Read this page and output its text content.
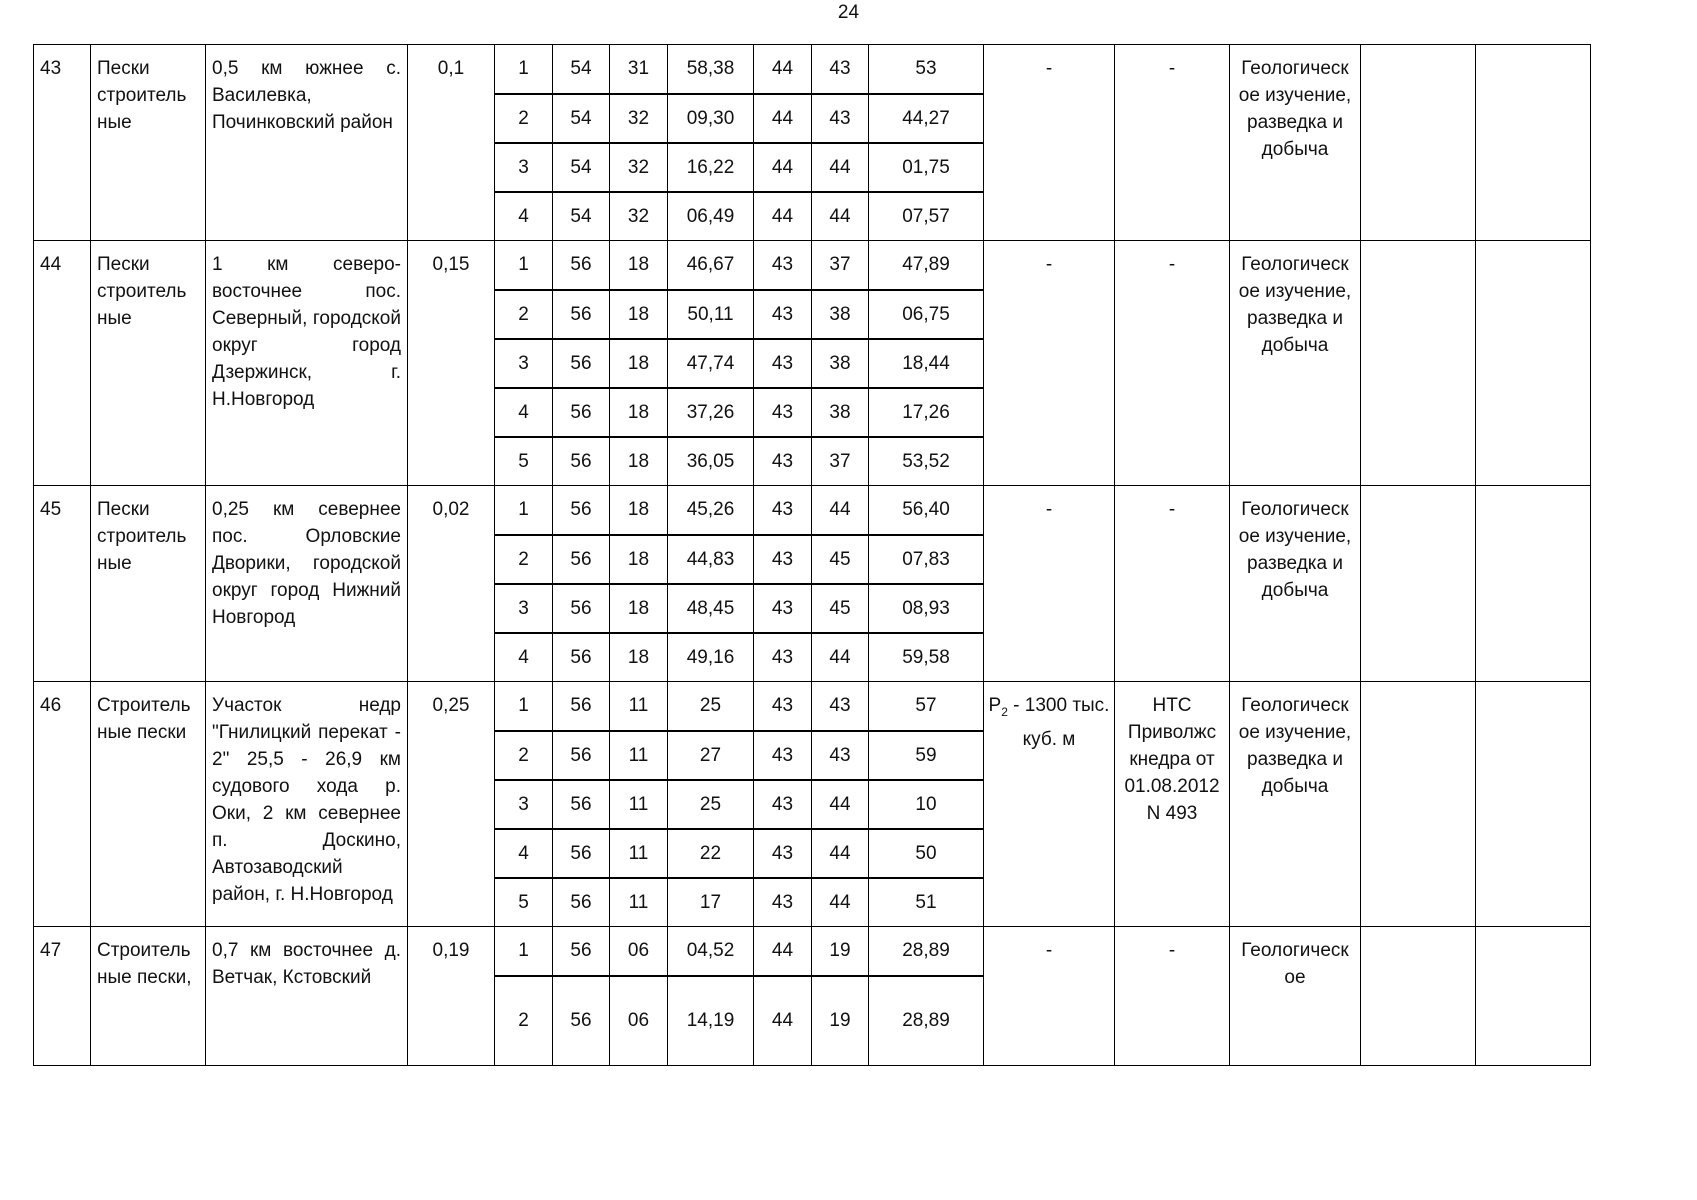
24
43	Пески строитель ные	0,5 км южнее с. Василевка, Починковский район	0,1	1	54	31	58,38	44	43	53	-	-	Геологическ ое изучение, разведка и добыча		
				2	54	32	09,30	44	43	44,27					
				3	54	32	16,22	44	44	01,75					
				4	54	32	06,49	44	44	07,57					
44	Пески строитель ные	1 км северо-восточнее пос. Северный, городской округ город Дзержинск, г. Н.Новгород	0,15	1	56	18	46,67	43	37	47,89	-	-	Геологическ ое изучение, разведка и добыча		
				2	56	18	50,11	43	38	06,75					
				3	56	18	47,74	43	38	18,44					
				4	56	18	37,26	43	38	17,26					
				5	56	18	36,05	43	37	53,52					
45	Пески строитель ные	0,25 км севернее пос. Орловские Дворики, городской округ город Нижний Новгород	0,02	1	56	18	45,26	43	44	56,40	-	-	Геологическ ое изучение, разведка и добыча		
				2	56	18	44,83	43	45	07,83					
				3	56	18	48,45	43	45	08,93					
				4	56	18	49,16	43	44	59,58					
46	Строитель ные пески	Участок недр "Гнилицкий перекат - 2" 25,5 - 26,9 км судового хода р. Оки, 2 км севернее п. Доскино, Автозаводский район, г. Н.Новгород	0,25	1	56	11	25	43	43	57	$P_2 - 1300$ тыс. куб. м	НТС Приволжс кнедра от 01.08.2012 N 493	Геологическ ое изучение, разведка и добыча		
				2	56	11	27	43	43	59					
				3	56	11	25	43	44	10					
				4	56	11	22	43	44	50					
				5	56	11	17	43	44	51					
47	Строитель ные пески,	0,7 км восточнее д. Ветчак, Кстовский	0,19	1	56	06	04,52	44	19	28,89	-	-	Геологическ ое		
				2	56	06	14,19	44	19	28,89					
